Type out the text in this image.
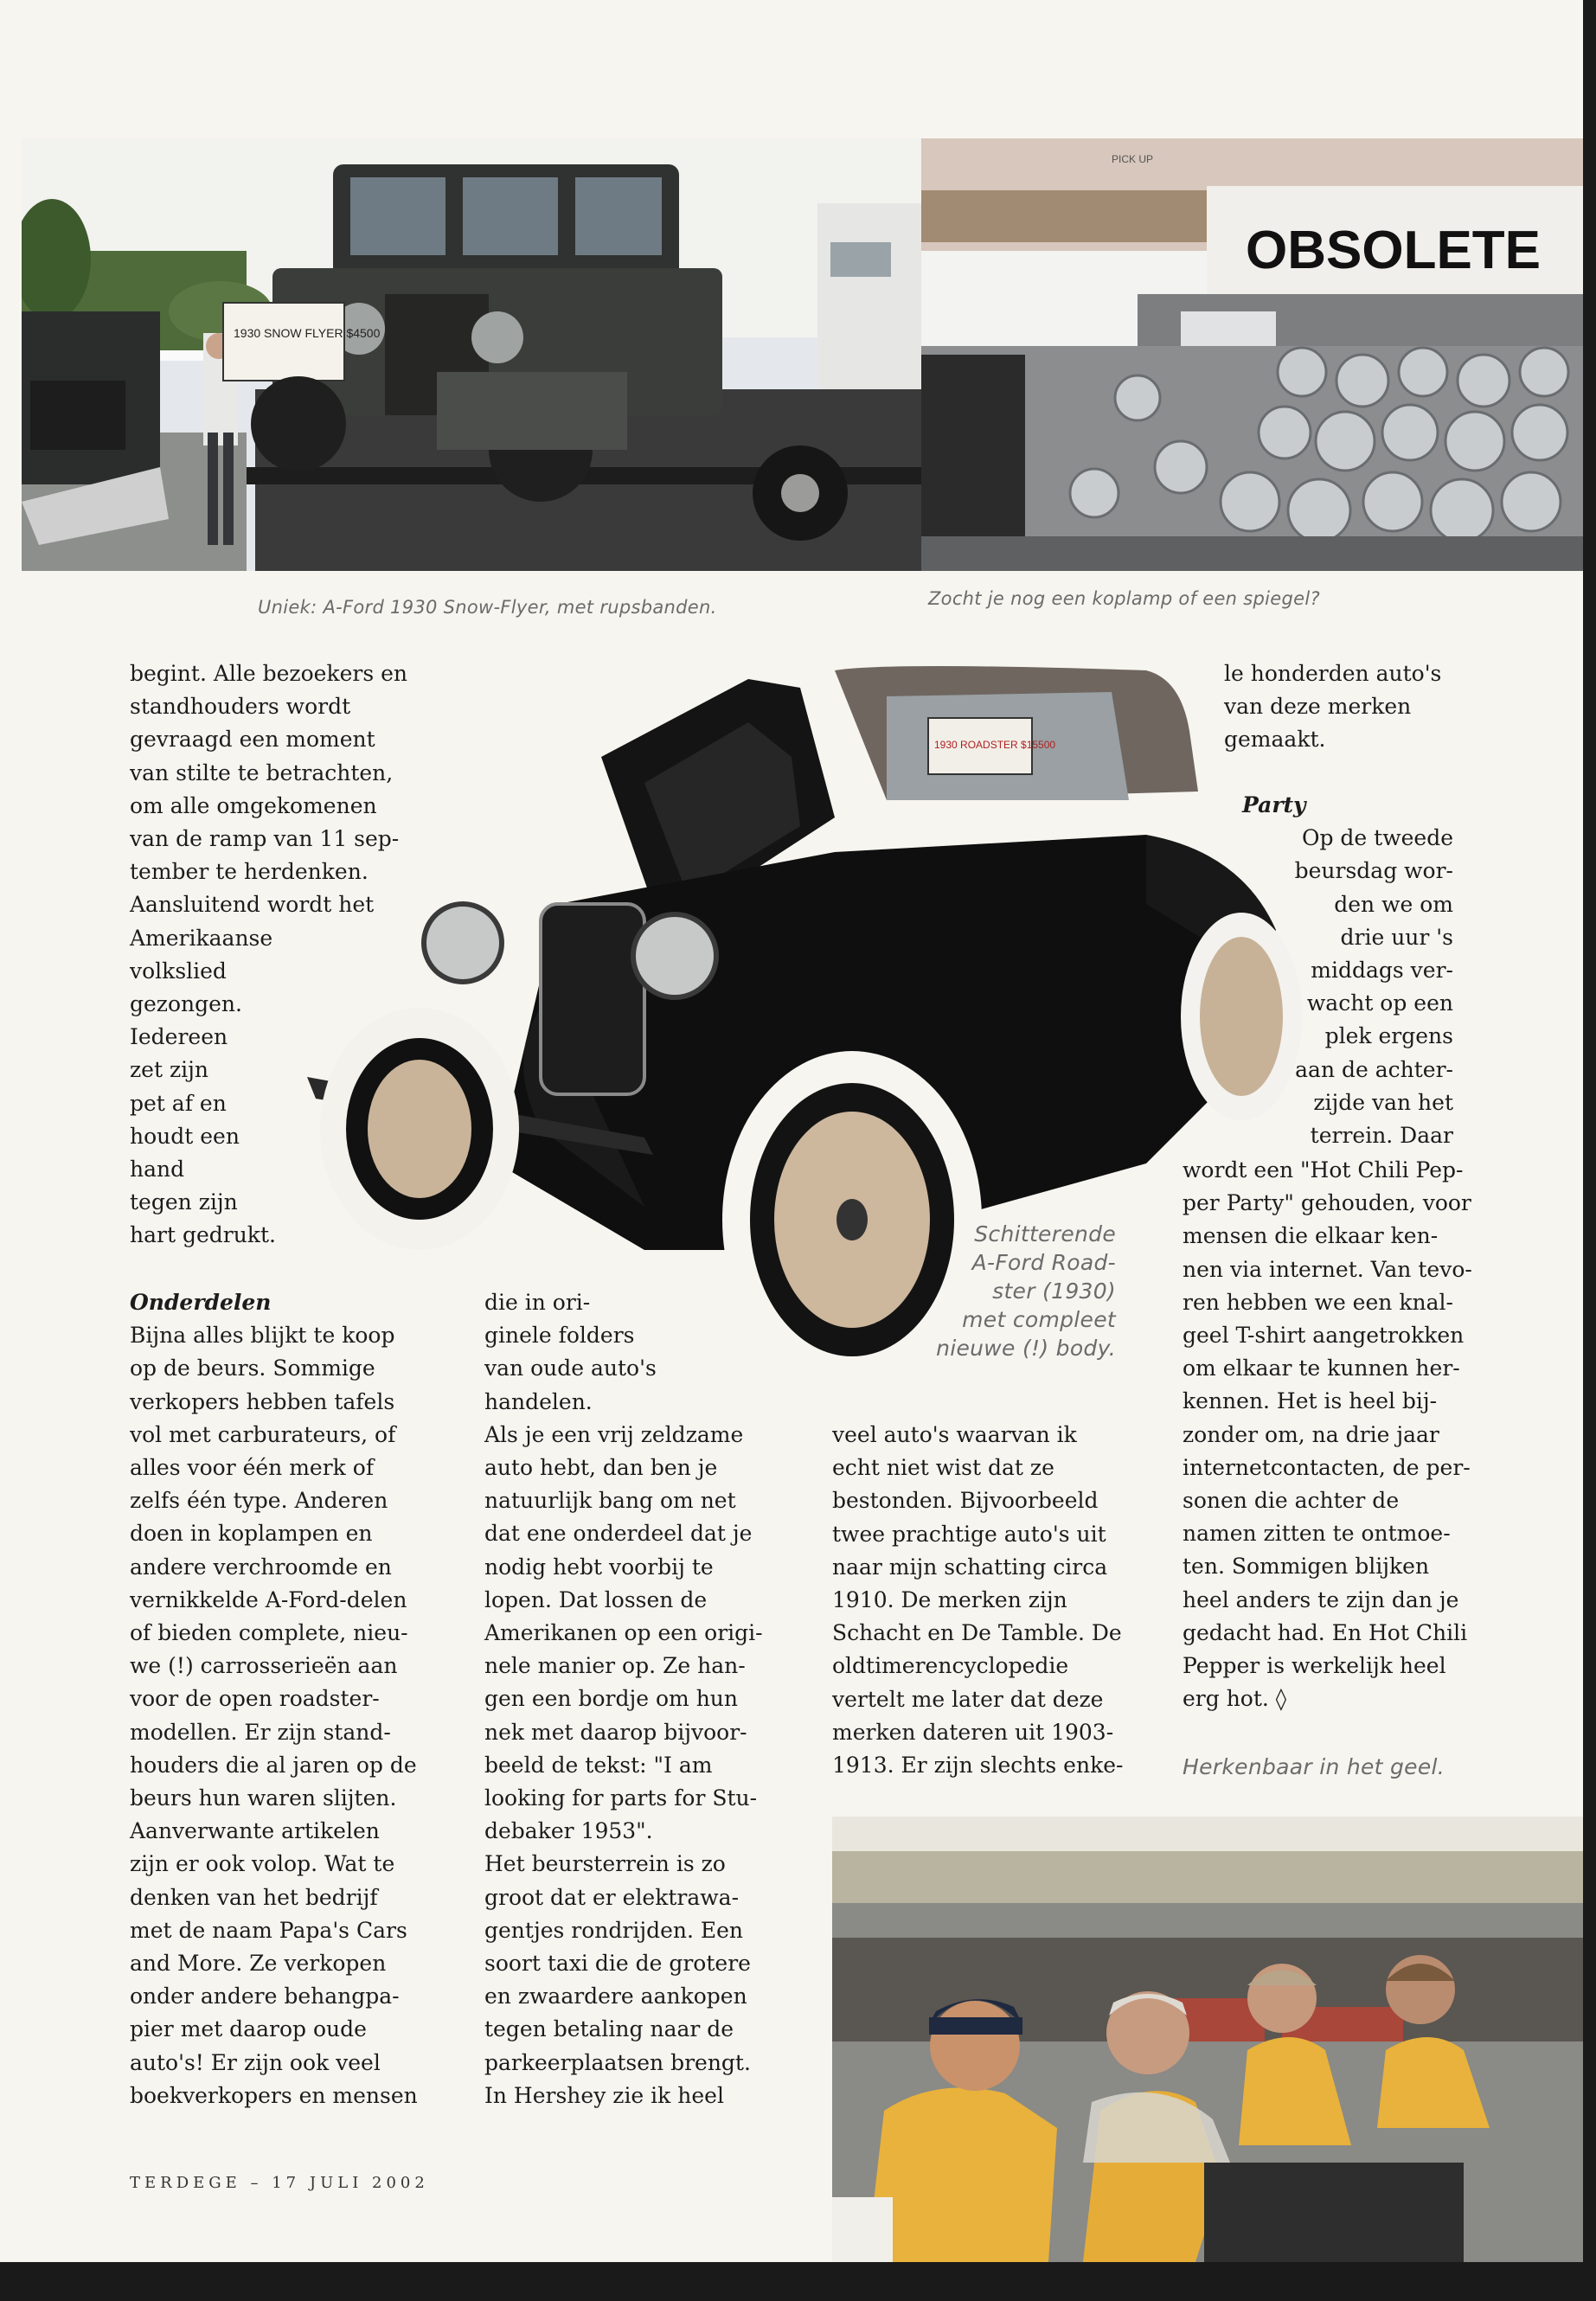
1930 SNOW FLYER $4500
PICK UP
OBSOLETE
Uniek: A-Ford 1930 Snow-Flyer, met rupsbanden.	Zocht je nog een koplamp of een spiegel?
begint. Alle bezoekers en
standhouders wordt
gevraagd een moment
van stilte te betrachten,
om alle omgekomenen
van de ramp van 11 sep-
tember te herdenken.
Aansluitend wordt het
Amerikaanse
volkslied
gezongen.
Iedereen
zet zijn
pet af en
houdt een
hand
tegen zijn
hart gedrukt.
Onderdelen
Bijna alles blijkt te koop
op de beurs. Sommige
verkopers hebben tafels
vol met carburateurs, of
alles voor één merk of
zelfs één type. Anderen
doen in koplampen en
andere verchroomde en
vernikkelde A-Ford-delen
of bieden complete, nieu-
we (!) carrosserieën aan
voor de open roadster-
modellen. Er zijn stand-
houders die al jaren op de
beurs hun waren slijten.
Aanverwante artikelen
zijn er ook volop. Wat te
denken van het bedrijf
met de naam Papa's Cars
and More. Ze verkopen
onder andere behangpa-
pier met daarop oude
auto's! Er zijn ook veel
boekverkopers en mensen
die in ori-
ginele folders
van oude auto's
handelen.
Als je een vrij zeldzame
auto hebt, dan ben je
natuurlijk bang om net
dat ene onderdeel dat je
nodig hebt voorbij te
lopen. Dat lossen de
Amerikanen op een origi-
nele manier op. Ze han-
gen een bordje om hun
nek met daarop bijvoor-
beeld de tekst: "I am
looking for parts for Stu-
debaker 1953".
Het beursterrein is zo
groot dat er elektrawa-
gentjes rondrijden. Een
soort taxi die de grotere
en zwaardere aankopen
tegen betaling naar de
parkeerplaatsen brengt.
In Hershey zie ik heel
1930 ROADSTER $15500
Schitterende
A-Ford Road-
ster (1930)
met compleet
nieuwe (!) body.
veel auto's waarvan ik
echt niet wist dat ze
bestonden. Bijvoorbeeld
twee prachtige auto's uit
naar mijn schatting circa
1910. De merken zijn
Schacht en De Tamble. De
oldtimerencyclopedie
vertelt me later dat deze
merken dateren uit 1903-
1913. Er zijn slechts enke-
le honderden auto's
van deze merken
gemaakt.
Party
Op de tweede
beursdag wor-
den we om
drie uur 's
middags ver-
wacht op een
plek ergens
aan de achter-
zijde van het
terrein. Daar
wordt een "Hot Chili Pep-
per Party" gehouden, voor
mensen die elkaar ken-
nen via internet. Van tevo-
ren hebben we een knal-
geel T-shirt aangetrokken
om elkaar te kunnen her-
kennen. Het is heel bij-
zonder om, na drie jaar
internetcontacten, de per-
sonen die achter de
namen zitten te ontmoe-
ten. Sommigen blijken
heel anders te zijn dan je
gedacht had. En Hot Chili
Pepper is werkelijk heel
erg hot. ◊
Herkenbaar in het geel.
TERDEGE – 17 JULI 2002
